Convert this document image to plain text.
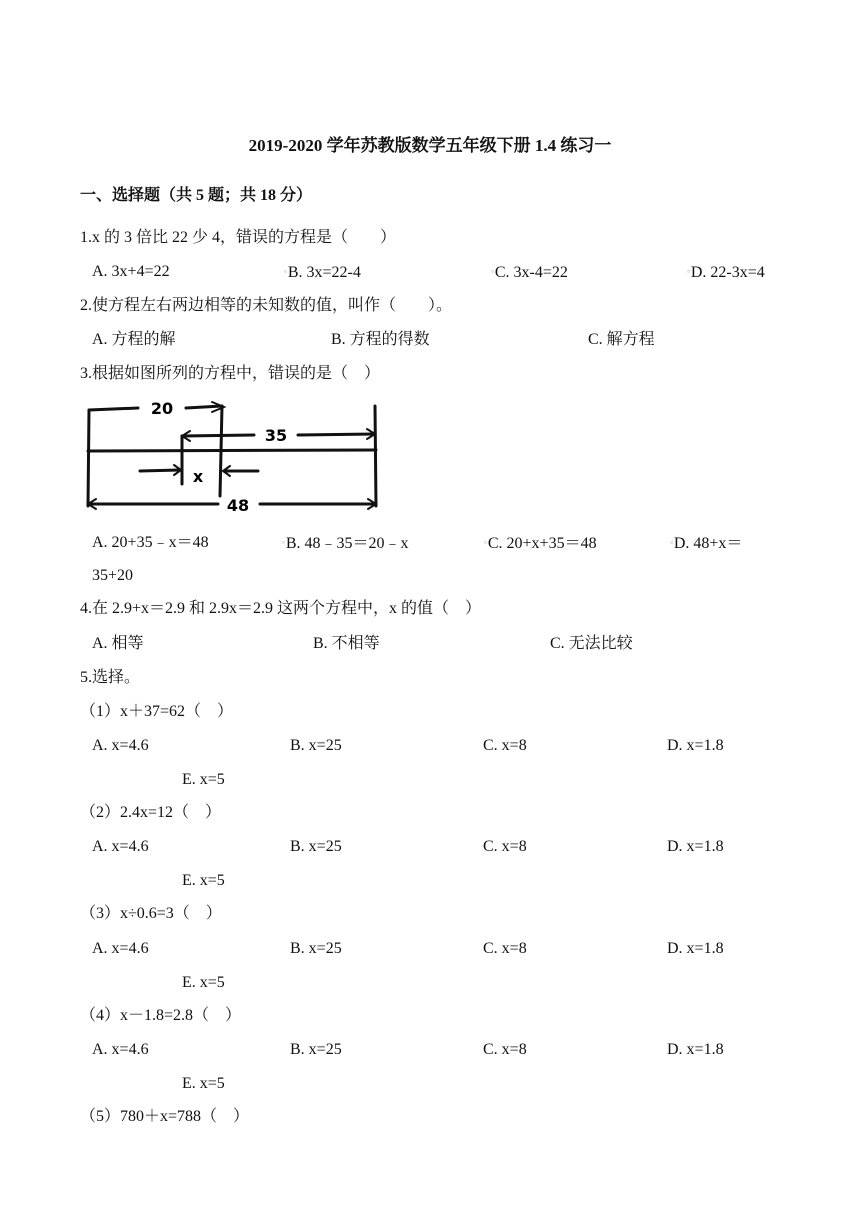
2019-2020 学年苏教版数学五年级下册 1.4 练习一
一、选择题（共 5 题；共 18 分）
1.x 的 3 倍比 22 少 4，错误的方程是（　　）
A. 3x+4=22	▫B. 3x=22-4	▫C. 3x-4=22	▫D. 22-3x=4
2.使方程左右两边相等的未知数的值，叫作（　　）。
A. 方程的解	B. 方程的得数	C. 解方程
3.根据如图所列的方程中，错误的是（　）
20
35
x
48
A. 20+35﹣x＝48	▫B. 48﹣35＝20﹣x	▫C. 20+x+35＝48	▫D. 48+x＝
35+20
4.在 2.9+x＝2.9 和 2.9x＝2.9 这两个方程中，x 的值（　）
A. 相等	B. 不相等	C. 无法比较
5.选择。
（1）x＋37=62（　）
A. x=4.6	B. x=25	C. x=8	D. x=1.8
E. x=5
（2）2.4x=12（　）
A. x=4.6	B. x=25	C. x=8	D. x=1.8
E. x=5
（3）x÷0.6=3（　）
A. x=4.6	B. x=25	C. x=8	D. x=1.8
E. x=5
（4）x－1.8=2.8（　）
A. x=4.6	B. x=25	C. x=8	D. x=1.8
E. x=5
（5）780＋x=788（　）
